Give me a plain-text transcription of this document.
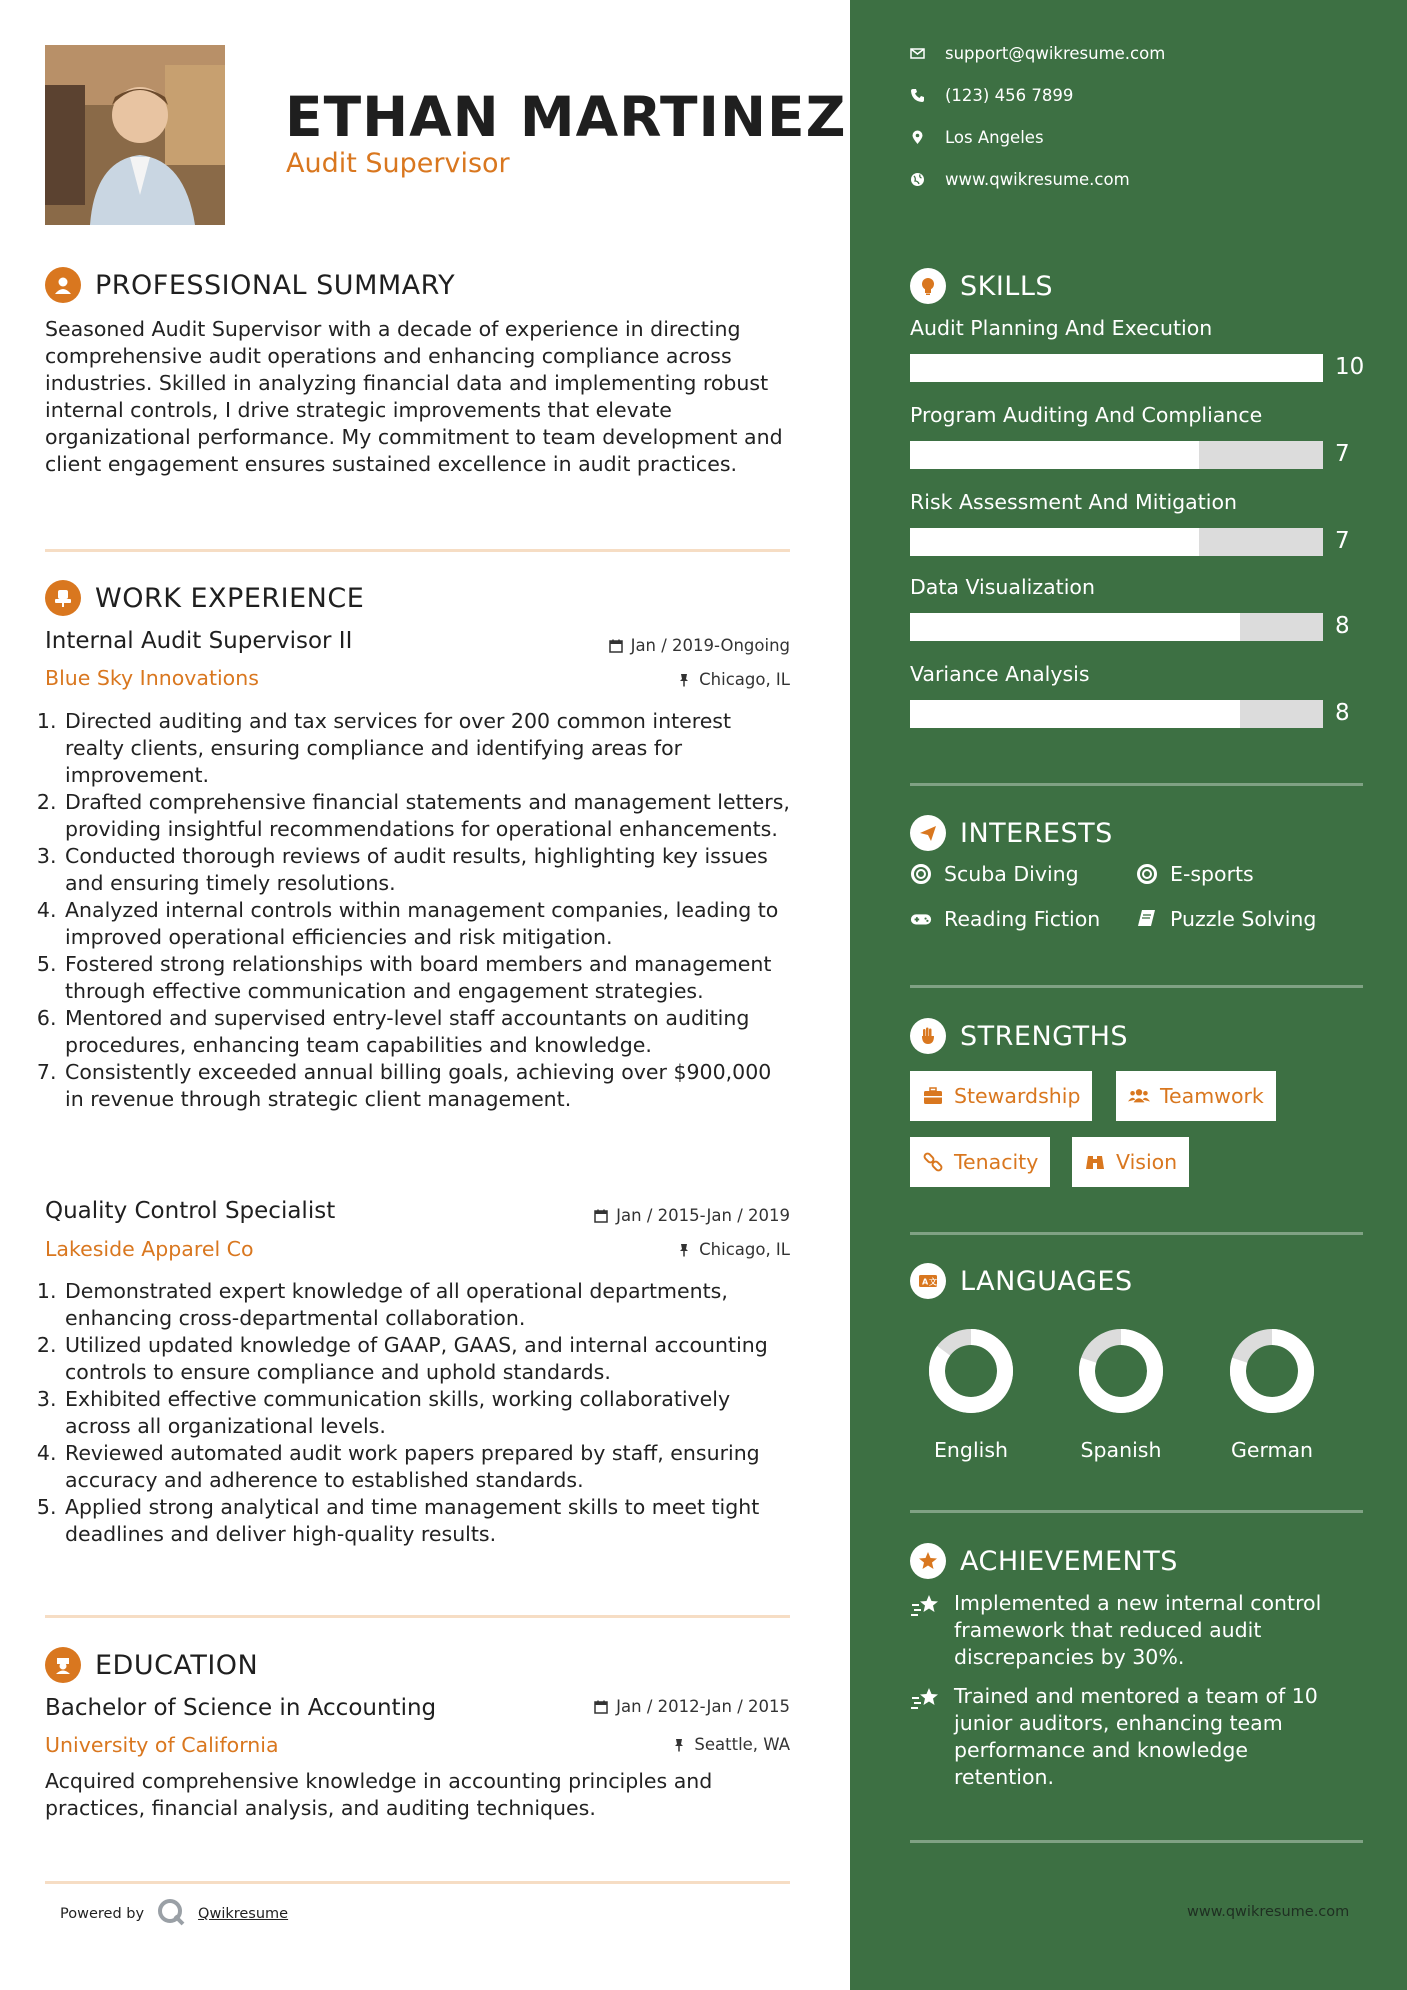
ETHAN MARTINEZ
Audit Supervisor
PROFESSIONAL SUMMARY

Seasoned Audit Supervisor with a decade of experience in directing comprehensive audit operations and enhancing compliance across industries. Skilled in analyzing financial data and implementing robust internal controls, I drive strategic improvements that elevate organizational performance. My commitment to team development and client engagement ensures sustained excellence in audit practices.

WORK EXPERIENCE
Internal Audit Supervisor II	Jan / 2019-Ongoing
Blue Sky Innovations	Chicago, IL
1. Directed auditing and tax services for over 200 common interest realty clients, ensuring compliance and identifying areas for improvement.
2. Drafted comprehensive financial statements and management letters, providing insightful recommendations for operational enhancements.
3. Conducted thorough reviews of audit results, highlighting key issues and ensuring timely resolutions.
4. Analyzed internal controls within management companies, leading to improved operational efficiencies and risk mitigation.
5. Fostered strong relationships with board members and management through effective communication and engagement strategies.
6. Mentored and supervised entry-level staff accountants on auditing procedures, enhancing team capabilities and knowledge.
7. Consistently exceeded annual billing goals, achieving over $900,000 in revenue through strategic client management.
Quality Control Specialist	Jan / 2015-Jan / 2019
Lakeside Apparel Co	Chicago, IL
1. Demonstrated expert knowledge of all operational departments, enhancing cross-departmental collaboration.
2. Utilized updated knowledge of GAAP, GAAS, and internal accounting controls to ensure compliance and uphold standards.
3. Exhibited effective communication skills, working collaboratively across all organizational levels.
4. Reviewed automated audit work papers prepared by staff, ensuring accuracy and adherence to established standards.
5. Applied strong analytical and time management skills to meet tight deadlines and deliver high-quality results.
EDUCATION
Bachelor of Science in Accounting	Jan / 2012-Jan / 2015
University of California	Seattle, WA

Acquired comprehensive knowledge in accounting principles and practices, financial analysis, and auditing techniques.

Powered by	Qwikresume
support@qwikresume.com
(123) 456 7899
Los Angeles
www.qwikresume.com
SKILLS
Audit Planning And Execution
10
Program Auditing And Compliance
7
Risk Assessment And Mitigation
7
Data Visualization
8
Variance Analysis
8
INTERESTS
Scuba Diving	E-sports
Reading Fiction	Puzzle Solving
STRENGTHS
Stewardship	Teamwork
Tenacity	Vision
A 文 LANGUAGES
English	Spanish	German
ACHIEVEMENTS
Implemented a new internal control framework that reduced audit discrepancies by 30%.
Trained and mentored a team of 10 junior auditors, enhancing team performance and knowledge retention.
www.qwikresume.com
